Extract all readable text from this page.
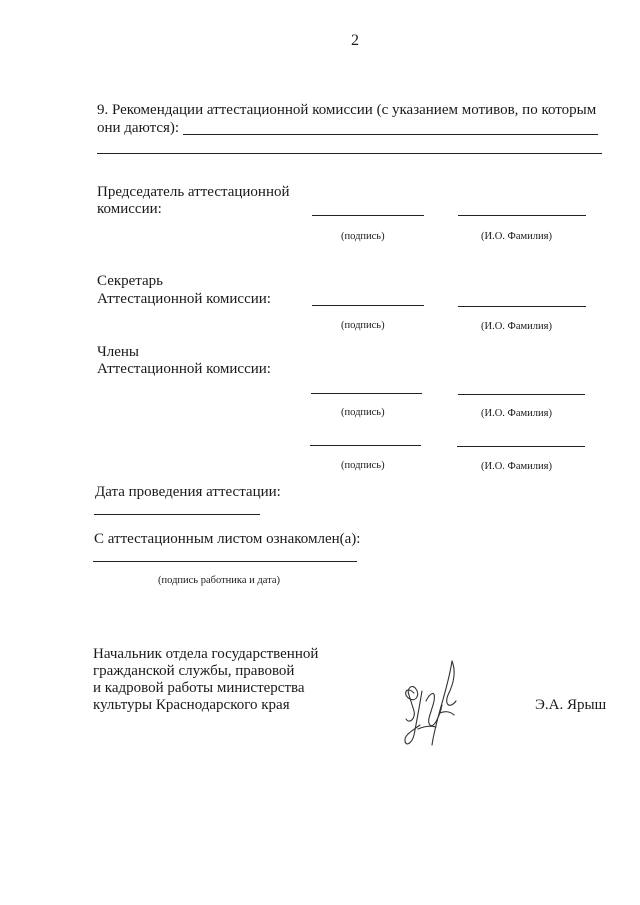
2
9. Рекомендации аттестационной комиссии (с указанием мотивов, по которым
они даются):
Председатель аттестационной
комиссии:
(подпись)	(И.О. Фамилия)
Секретарь
Аттестационной комиссии:
(подпись)	(И.О. Фамилия)
Члены
Аттестационной комиссии:
(подпись)	(И.О. Фамилия)
(подпись)	(И.О. Фамилия)
Дата проведения аттестации:
С аттестационным листом ознакомлен(а):
(подпись работника и дата)
Начальник отдела государственной
гражданской службы, правовой
и кадровой работы министерства
культуры Краснодарского края	Э.А. Ярыш
